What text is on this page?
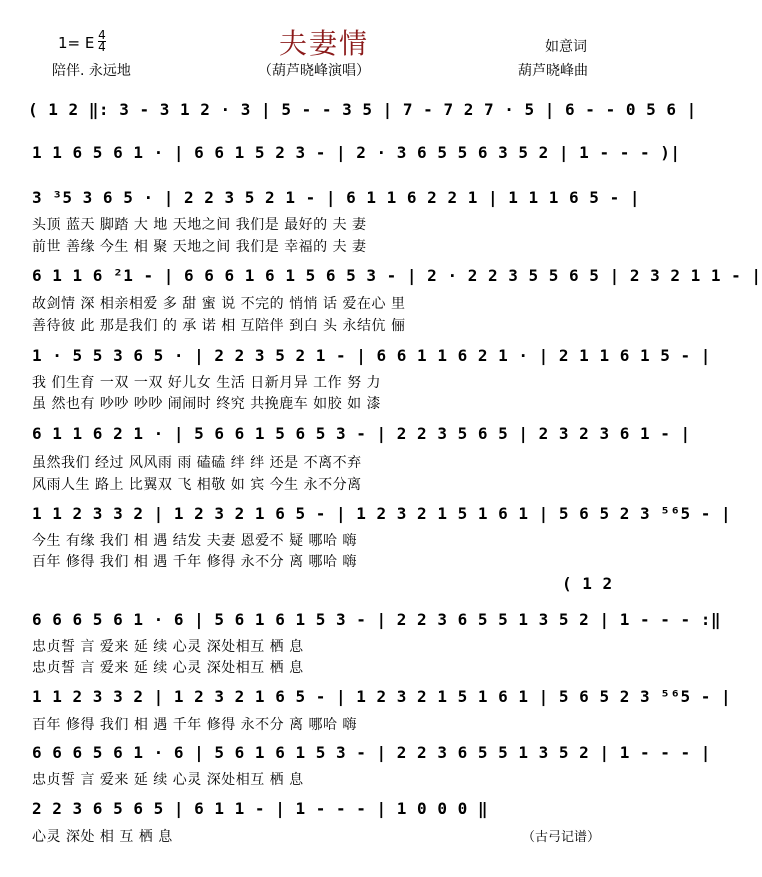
夫妻情
1= E 4
4	如意词
陪伴. 永远地	（葫芦晓峰演唱）	葫芦晓峰曲
( 1 2 ‖: 3 - 3 1 2 · 3 | 5 - - 3 5 | 7 - 7 2 7 · 5 | 6 - - 0 5 6 |
1 1 6 5 6 1 · | 6 6 1 5 2 3 - | 2 · 3 6 5 5 6 3 5 2 | 1 - - - )|
3 ³5 3 6 5 · | 2 2 3 5 2 1 - | 6 1 1 6 2 2 1 | 1 1 1 6 5 - |
头顶 蓝天 脚踏 大 地 天地之间 我们是 最好的 夫 妻
前世 善缘 今生 相 聚 天地之间 我们是 幸福的 夫 妻
6 1 1 6 ²1 - | 6 6 6 1 6 1 5 6 5 3 - | 2 · 2 2 3 5 5 6 5 | 2 3 2 1 1 - |
故剑情 深 相亲相爱 多 甜 蜜 说 不完的 悄悄 话 爱在心 里
善待彼 此 那是我们 的 承 诺 相 互陪伴 到白 头 永结伉 俪
1 · 5 5 3 6 5 · | 2 2 3 5 2 1 - | 6 6 1 1 6 2 1 · | 2 1 1 6 1 5 - |
我 们生育 一双 一双 好儿女 生活 日新月异 工作 努 力
虽 然也有 吵吵 吵吵 闹闹时 终究 共挽鹿车 如胶 如 漆
6 1 1 6 2 1 · | 5 6 6 1 5 6 5 3 - | 2 2 3 5 6 5 | 2 3 2 3 6 1 - |
虽然我们 经过 风风雨 雨 磕磕 绊 绊 还是 不离不弃
风雨人生 路上 比翼双 飞 相敬 如 宾 今生 永不分离
1 1 2 3 3 2 | 1 2 3 2 1 6 5 - | 1 2 3 2 1 5 1 6 1 | 5 6 5 2 3 ⁵⁶5 - |
今生 有缘 我们 相 遇 结发 夫妻 恩爱不 疑 哪哈 嗨
百年 修得 我们 相 遇 千年 修得 永不分 离 哪哈 嗨
( 1 2
6 6 6 5 6 1 · 6 | 5 6 1 6 1 5 3 - | 2 2 3 6 5 5 1 3 5 2 | 1 - - - :‖
忠贞誓 言 爱来 延 续 心灵 深处相互 栖 息
忠贞誓 言 爱来 延 续 心灵 深处相互 栖 息
1 1 2 3 3 2 | 1 2 3 2 1 6 5 - | 1 2 3 2 1 5 1 6 1 | 5 6 5 2 3 ⁵⁶5 - |
百年 修得 我们 相 遇 千年 修得 永不分 离 哪哈 嗨
6 6 6 5 6 1 · 6 | 5 6 1 6 1 5 3 - | 2 2 3 6 5 5 1 3 5 2 | 1 - - - |
忠贞誓 言 爱来 延 续 心灵 深处相互 栖 息
2 2 3 6 5 6 5 | 6 1 1 - | 1 - - - | 1 0 0 0 ‖
心灵 深处 相 互 栖 息	（古弓记谱）
